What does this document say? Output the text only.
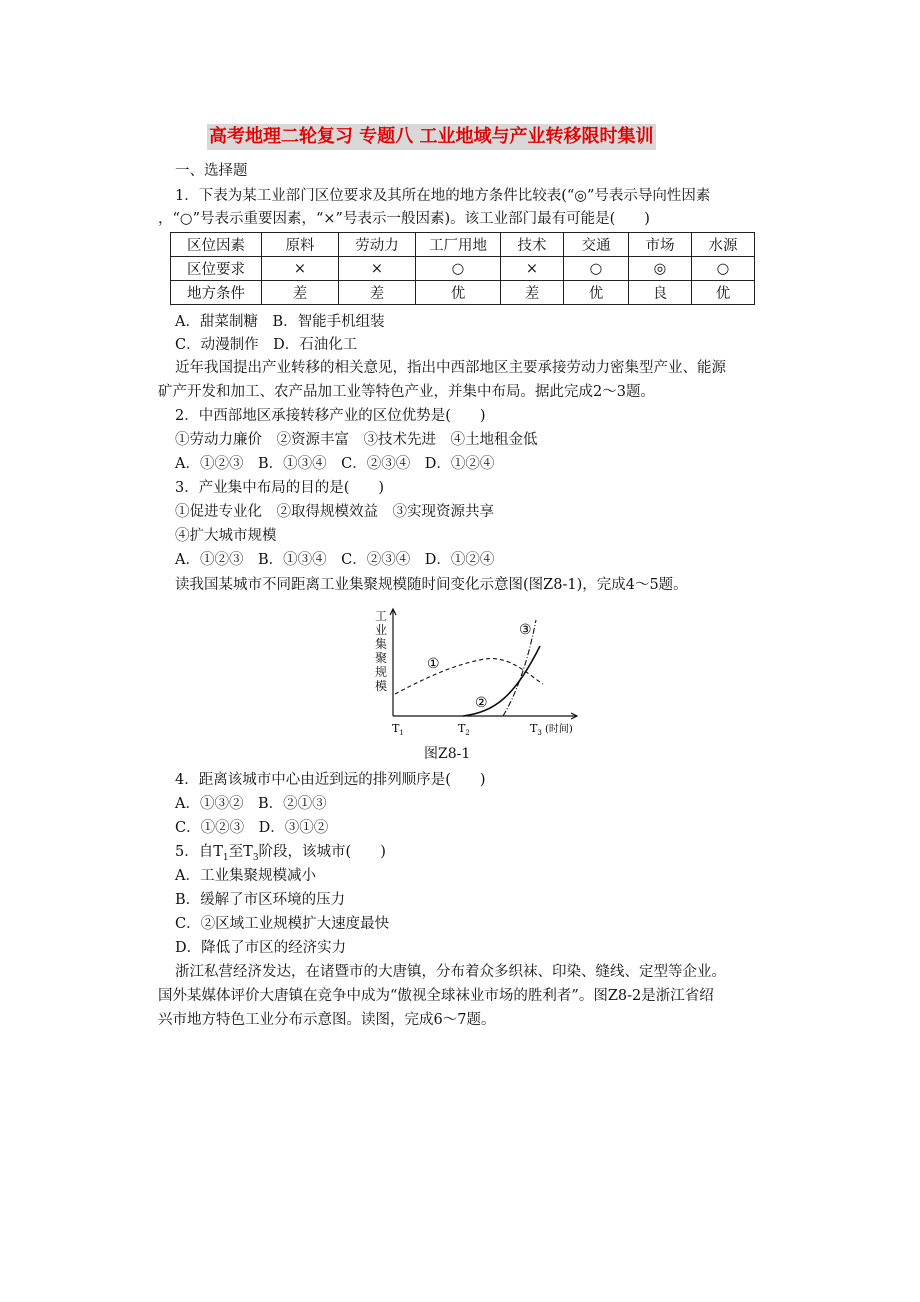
高考地理二轮复习 专题八 工业地域与产业转移限时集训
一、选择题
1．下表为某工业部门区位要求及其所在地的地方条件比较表(“◎”号表示导向性因素
，“○”号表示重要因素，“×”号表示一般因素)。该工业部门最有可能是(　　)
区位因素	原料	劳动力	工厂用地	技术	交通	市场	水源
区位要求	×	×	○	×	○	◎	○
地方条件	差	差	优	差	优	良	优
A．甜菜制糖　B．智能手机组装
C．动漫制作　D．石油化工
近年我国提出产业转移的相关意见，指出中西部地区主要承接劳动力密集型产业、能源
矿产开发和加工、农产品加工业等特色产业，并集中布局。据此完成2～3题。
2．中西部地区承接转移产业的区位优势是(　　)
①劳动力廉价　②资源丰富　③技术先进　④土地租金低
A．①②③　B．①③④　C．②③④　D．①②④
3．产业集中布局的目的是(　　)
①促进专业化　②取得规模效益　③实现资源共享
④扩大城市规模
A．①②③　B．①③④　C．②③④　D．①②④
读我国某城市不同距离工业集聚规模随时间变化示意图(图Z8-1)，完成4～5题。
工
业
集
聚
规
模
$T_1$	$T_2$	$T_3$ (时间)
①
②
③
图Z8-1
4．距离该城市中心由近到远的排列顺序是(　　)
A．①③②　B．②①③
C．①②③　D．③①②
5．自$T_1$至$T_3$阶段，该城市(　　)
A．工业集聚规模减小
B．缓解了市区环境的压力
C．②区域工业规模扩大速度最快
D．降低了市区的经济实力
浙江私营经济发达，在诸暨市的大唐镇，分布着众多织袜、印染、缝线、定型等企业。
国外某媒体评价大唐镇在竞争中成为“傲视全球袜业市场的胜利者”。图Z8-2是浙江省绍
兴市地方特色工业分布示意图。读图，完成6～7题。
